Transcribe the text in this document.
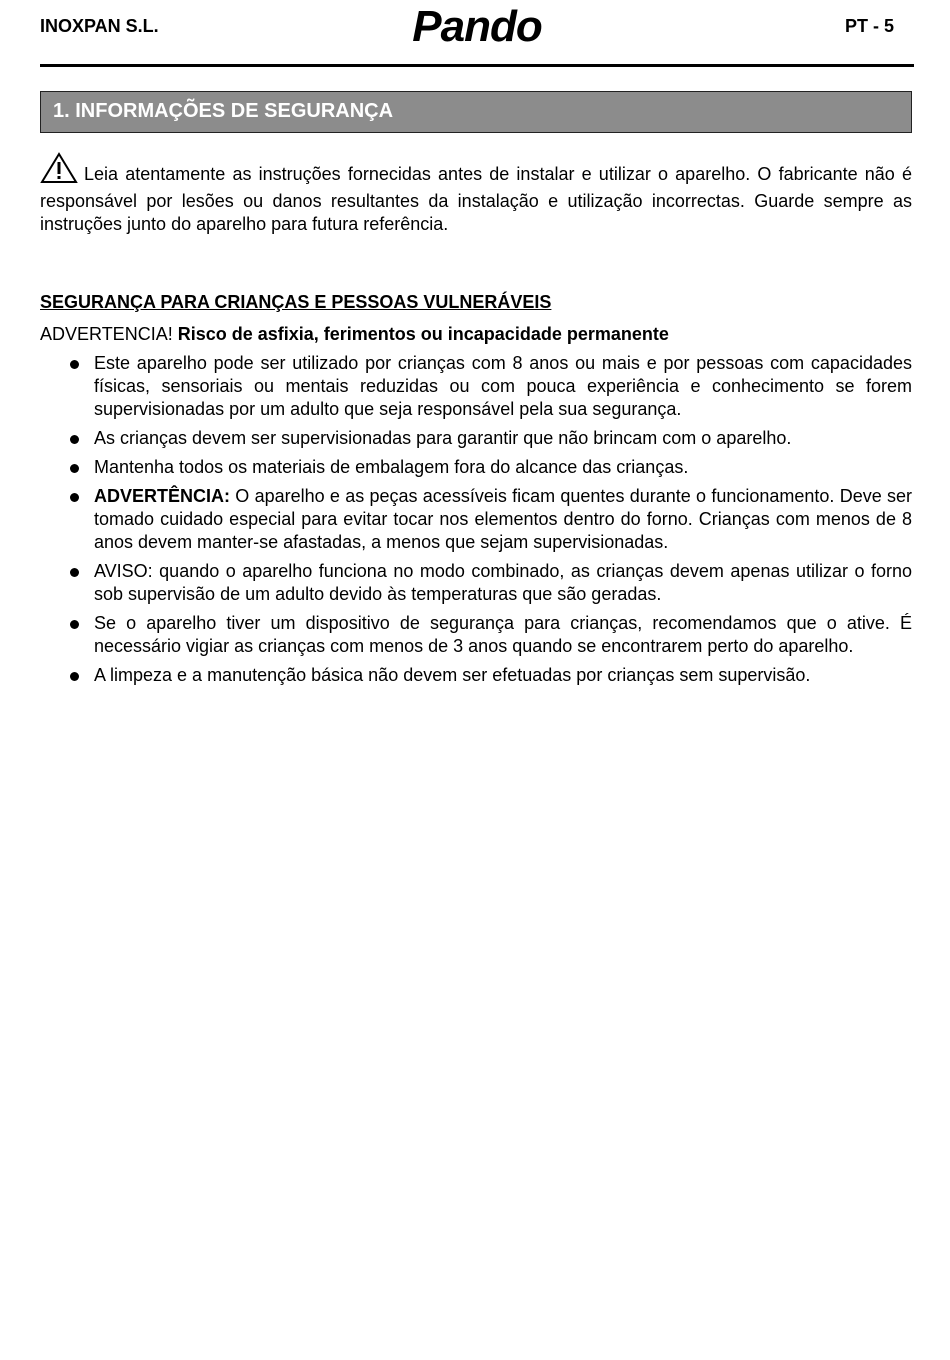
INOXPAN S.L.	Pando	PT - 5
1. INFORMAÇÕES DE SEGURANÇA

Leia atentamente as instruções fornecidas antes de instalar e utilizar o aparelho. O fabricante não é responsável por lesões ou danos resultantes da instalação e utilização incorrectas. Guarde sempre as instruções junto do aparelho para futura referência.

SEGURANÇA PARA CRIANÇAS E PESSOAS VULNERÁVEIS

ADVERTENCIA! Risco de asfixia, ferimentos ou incapacidade permanente

Este aparelho pode ser utilizado por crianças com 8 anos ou mais e por pessoas com capacidades físicas, sensoriais ou mentais reduzidas ou com pouca experiência e conhecimento se forem supervisionadas por um adulto que seja responsável pela sua segurança.
As crianças devem ser supervisionadas para garantir que não brincam com o aparelho.
Mantenha todos os materiais de embalagem fora do alcance das crianças.
ADVERTÊNCIA: O aparelho e as peças acessíveis ficam quentes durante o funcionamento. Deve ser tomado cuidado especial para evitar tocar nos elementos dentro do forno. Crianças com menos de 8 anos devem manter-se afastadas, a menos que sejam supervisionadas.
AVISO: quando o aparelho funciona no modo combinado, as crianças devem apenas utilizar o forno sob supervisão de um adulto devido às temperaturas que são geradas.
Se o aparelho tiver um dispositivo de segurança para crianças, recomendamos que o ative. É necessário vigiar as crianças com menos de 3 anos quando se encontrarem perto do aparelho.
A limpeza e a manutenção básica não devem ser efetuadas por crianças sem supervisão.
